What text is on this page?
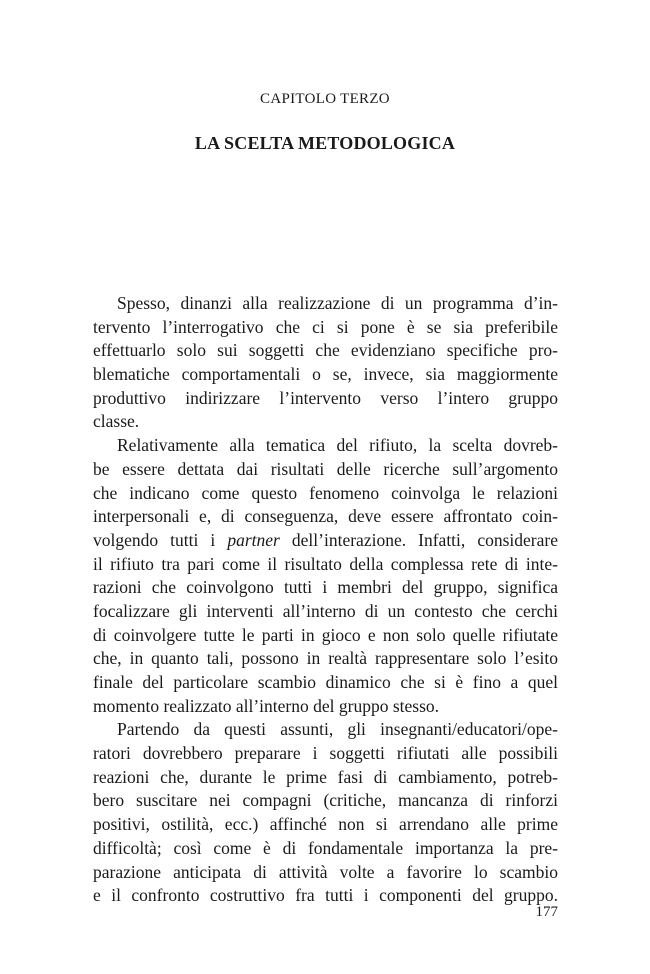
CAPITOLO TERZO
LA SCELTA METODOLOGICA
Spesso, dinanzi alla realizzazione di un programma d’in-
tervento l’interrogativo che ci si pone è se sia preferibile
effettuarlo solo sui soggetti che evidenziano specifiche pro-
blematiche comportamentali o se, invece, sia maggiormente
produttivo indirizzare l’intervento verso l’intero gruppo
classe.
Relativamente alla tematica del rifiuto, la scelta dovreb-
be essere dettata dai risultati delle ricerche sull’argomento
che indicano come questo fenomeno coinvolga le relazioni
interpersonali e, di conseguenza, deve essere affrontato coin-
volgendo tutti i partner dell’interazione. Infatti, considerare
il rifiuto tra pari come il risultato della complessa rete di inte-
razioni che coinvolgono tutti i membri del gruppo, significa
focalizzare gli interventi all’interno di un contesto che cerchi
di coinvolgere tutte le parti in gioco e non solo quelle rifiutate
che, in quanto tali, possono in realtà rappresentare solo l’esito
finale del particolare scambio dinamico che si è fino a quel
momento realizzato all’interno del gruppo stesso.
Partendo da questi assunti, gli insegnanti/educatori/ope-
ratori dovrebbero preparare i soggetti rifiutati alle possibili
reazioni che, durante le prime fasi di cambiamento, potreb-
bero suscitare nei compagni (critiche, mancanza di rinforzi
positivi, ostilità, ecc.) affinché non si arrendano alle prime
difficoltà; così come è di fondamentale importanza la pre-
parazione anticipata di attività volte a favorire lo scambio
e il confronto costruttivo fra tutti i componenti del gruppo.
177
